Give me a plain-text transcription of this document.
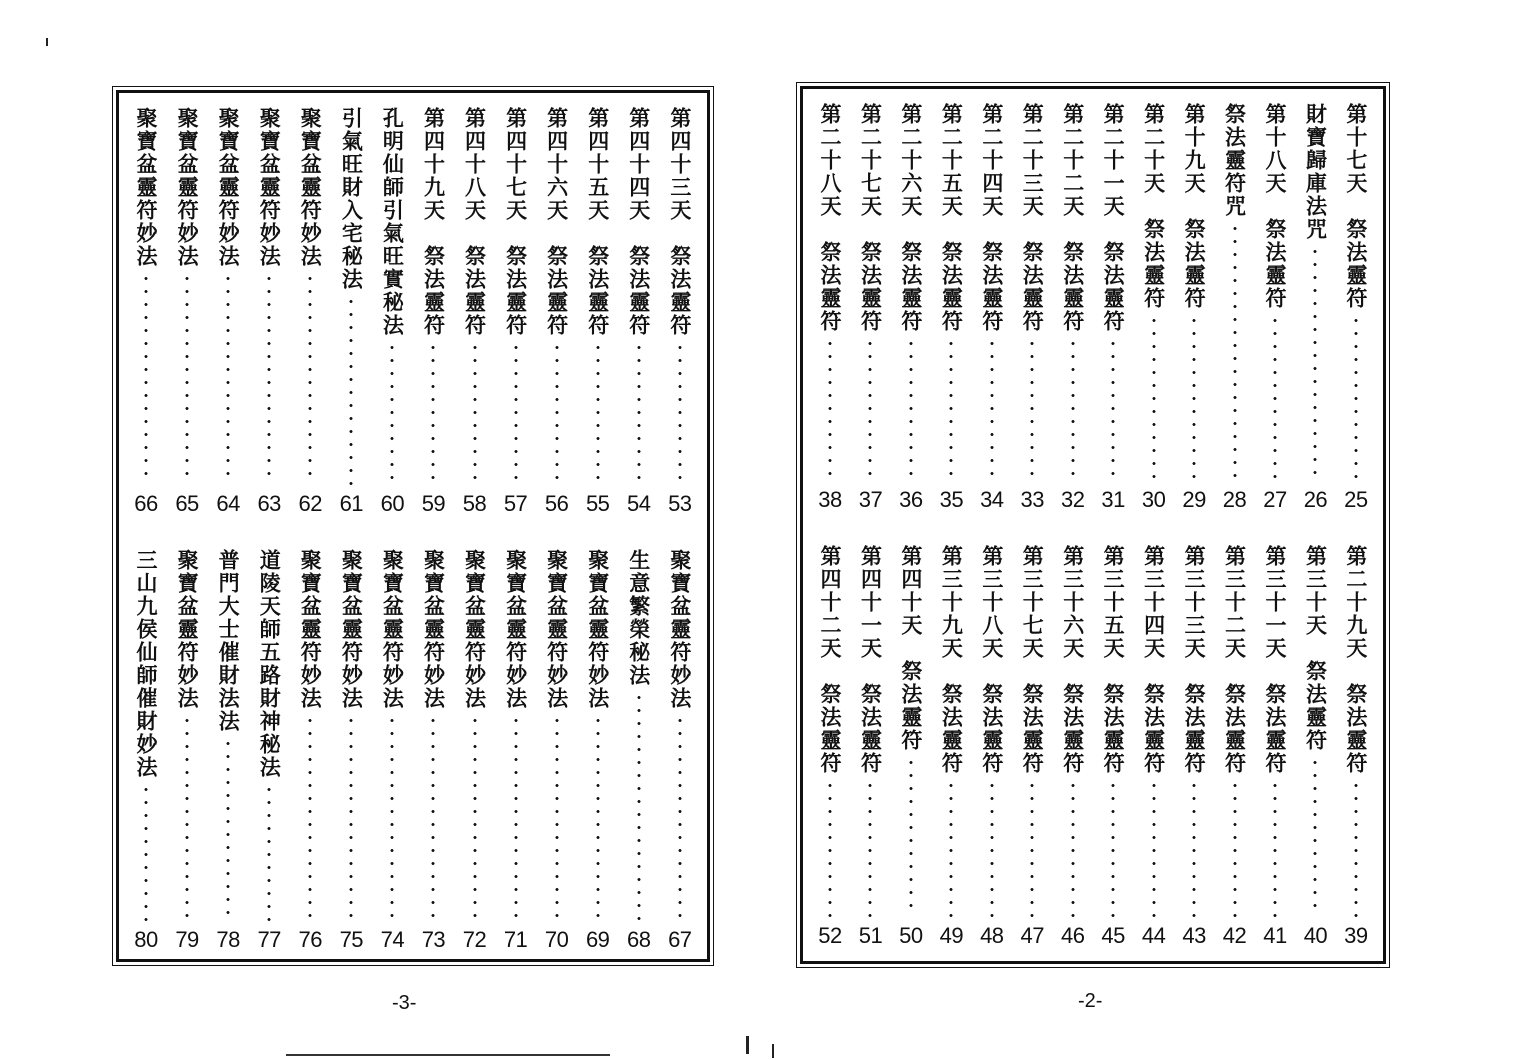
第四十三天　祭法靈符
53
第四十四天　祭法靈符
54
第四十五天　祭法靈符
55
第四十六天　祭法靈符
56
第四十七天　祭法靈符
57
第四十八天　祭法靈符
58
第四十九天　祭法靈符
59
孔明仙師引氣旺實秘法
60
引氣旺財入宅秘法
61
聚寶盆靈符妙法
62
聚寶盆靈符妙法
63
聚寶盆靈符妙法
64
聚寶盆靈符妙法
65
聚寶盆靈符妙法
66
聚寶盆靈符妙法
67
生意繁榮秘法
68
聚寶盆靈符妙法
69
聚寶盆靈符妙法
70
聚寶盆靈符妙法
71
聚寶盆靈符妙法
72
聚寶盆靈符妙法
73
聚寶盆靈符妙法
74
聚寶盆靈符妙法
75
聚寶盆靈符妙法
76
道陵天師五路財神秘法
77
普門大士催財法法
78
聚寶盆靈符妙法
79
三山九侯仙師催財妙法
80
第十七天　祭法靈符
25
財寶歸庫法咒
26
第十八天　祭法靈符
27
祭法靈符咒
28
第十九天　祭法靈符
29
第二十天　祭法靈符
30
第二十一天　祭法靈符
31
第二十二天　祭法靈符
32
第二十三天　祭法靈符
33
第二十四天　祭法靈符
34
第二十五天　祭法靈符
35
第二十六天　祭法靈符
36
第二十七天　祭法靈符
37
第二十八天　祭法靈符
38
第二十九天　祭法靈符
39
第三十天　祭法靈符
40
第三十一天　祭法靈符
41
第三十二天　祭法靈符
42
第三十三天　祭法靈符
43
第三十四天　祭法靈符
44
第三十五天　祭法靈符
45
第三十六天　祭法靈符
46
第三十七天　祭法靈符
47
第三十八天　祭法靈符
48
第三十九天　祭法靈符
49
第四十天　祭法靈符
50
第四十一天　祭法靈符
51
第四十二天　祭法靈符
52
-3-	-2-
